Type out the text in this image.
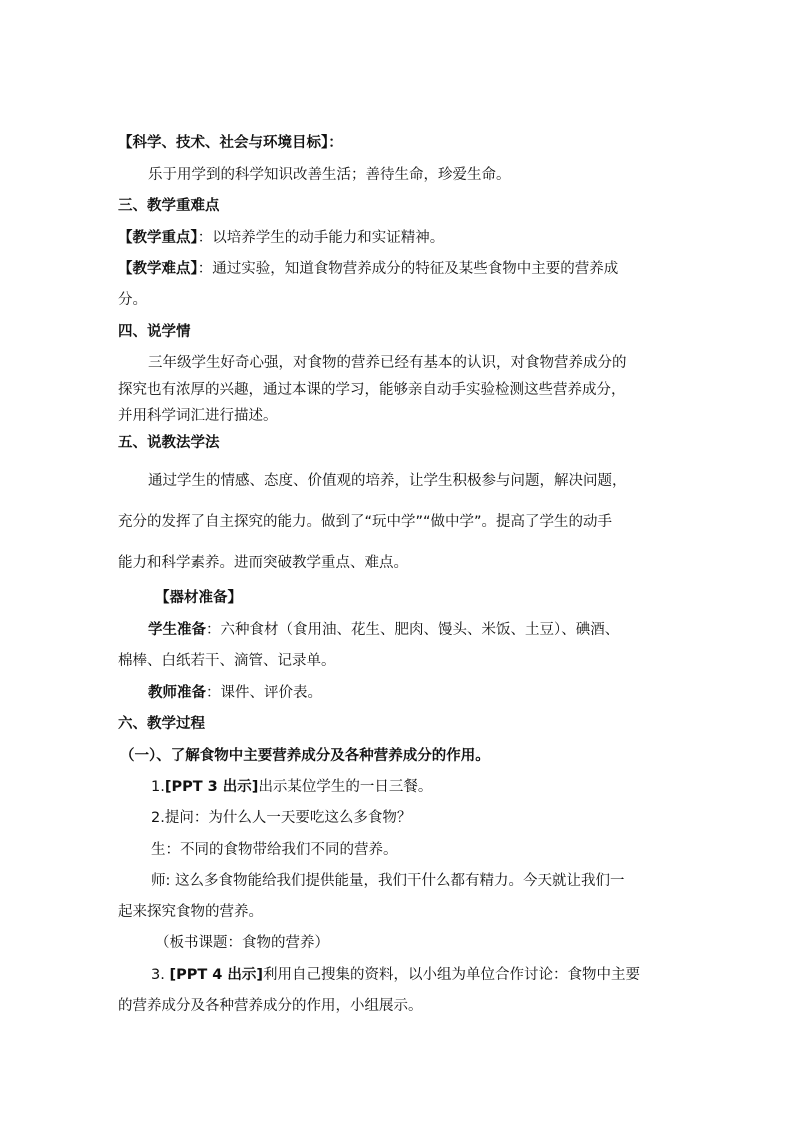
【科学、技术、社会与环境目标】：
乐于用学到的科学知识改善生活；善待生命，珍爱生命。
三、教学重难点
【教学重点】：以培养学生的动手能力和实证精神。
【教学难点】：通过实验，知道食物营养成分的特征及某些食物中主要的营养成
分。
四、说学情
三年级学生好奇心强，对食物的营养已经有基本的认识，对食物营养成分的
探究也有浓厚的兴趣，通过本课的学习，能够亲自动手实验检测这些营养成分，
并用科学词汇进行描述。
五、说教法学法
通过学生的情感、态度、价值观的培养，让学生积极参与问题，解决问题，
充分的发挥了自主探究的能力。做到了“玩中学”“做中学”。提高了学生的动手
能力和科学素养。进而突破教学重点、难点。
【器材准备】
学生准备：六种食材（食用油、花生、肥肉、馒头、米饭、土豆）、碘酒、
棉棒、白纸若干、滴管、记录单。
教师准备：课件、评价表。
六、教学过程
（一）、了解食物中主要营养成分及各种营养成分的作用。
1.[PPT 3 出示]出示某位学生的一日三餐。
2.提问：为什么人一天要吃这么多食物？
生：不同的食物带给我们不同的营养。
师: 这么多食物能给我们提供能量，我们干什么都有精力。今天就让我们一
起来探究食物的营养。
（板书课题：食物的营养）
3. [PPT 4 出示]利用自己搜集的资料，以小组为单位合作讨论：食物中主要
的营养成分及各种营养成分的作用，小组展示。
